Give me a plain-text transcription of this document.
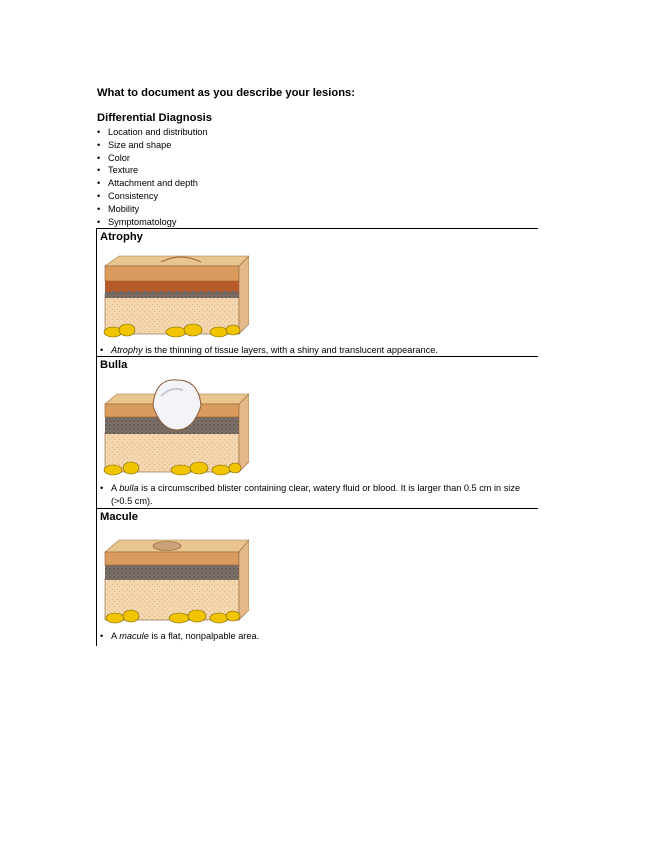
What to document as you describe your lesions:
Differential Diagnosis
• Location and distribution
• Size and shape
• Color
• Texture
• Attachment and depth
• Consistency
• Mobility
• Symptomatology
Atrophy
• Atrophy is the thinning of tissue layers, with a shiny and translucent appearance.
Bulla
• A bulla is a circumscribed blister containing clear, watery fluid or blood. It is larger than 0.5 cm in size (>0.5 cm).
Macule
• A macule is a flat, nonpalpable area.
